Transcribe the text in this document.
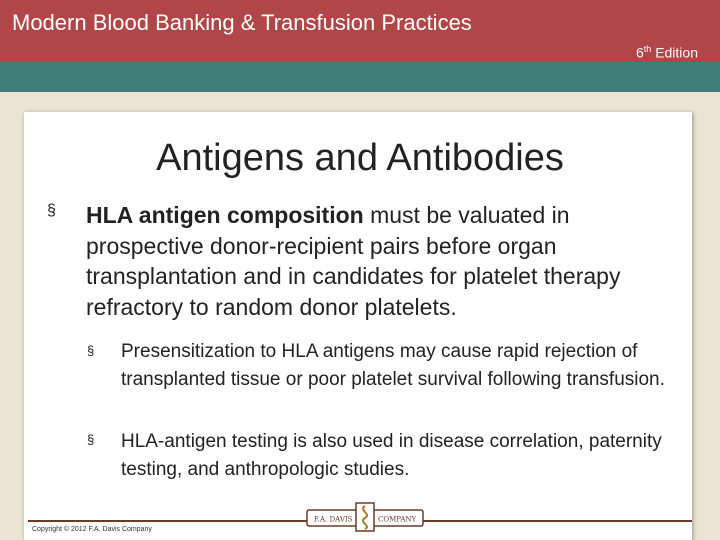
Modern Blood Banking & Transfusion Practices
6th Edition
Antigens and Antibodies
§ HLA antigen composition must be valuated in prospective donor-recipient pairs before organ transplantation and in candidates for platelet therapy refractory to random donor platelets.
§ Presensitization to HLA antigens may cause rapid rejection of transplanted tissue or poor platelet survival following transfusion.
§ HLA-antigen testing is also used in disease correlation, paternity testing, and anthropologic studies.
Copyright © 2012 F.A. Davis Company
F.A. DAVIS	COMPANY
